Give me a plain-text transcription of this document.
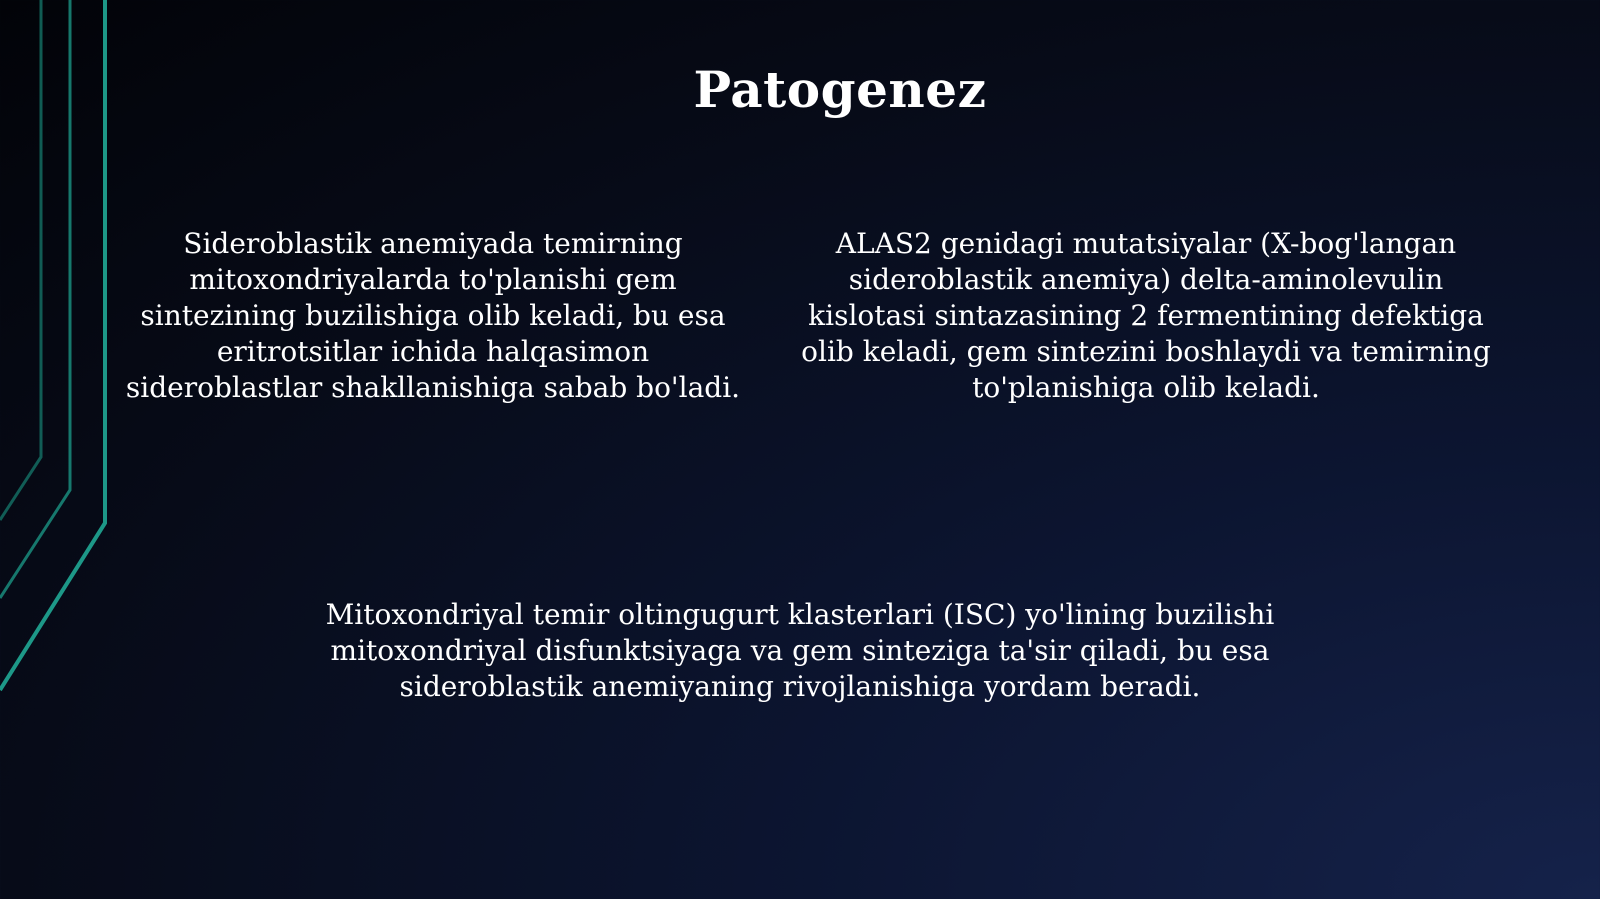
Patogenez

Sideroblastik anemiyada temirning mitoxondriyalarda to'planishi gem sintezining buzilishiga olib keladi, bu esa eritrotsitlar ichida halqasimon sideroblastlar shakllanishiga sabab bo'ladi.

ALAS2 genidagi mutatsiyalar (X-bog'langan sideroblastik anemiya) delta-aminolevulin kislotasi sintazasining 2 fermentining defektiga olib keladi, gem sintezini boshlaydi va temirning to'planishiga olib keladi.

Mitoxondriyal temir oltingugurt klasterlari (ISC) yo'lining buzilishi mitoxondriyal disfunktsiyaga va gem sinteziga ta'sir qiladi, bu esa sideroblastik anemiyaning rivojlanishiga yordam beradi.
